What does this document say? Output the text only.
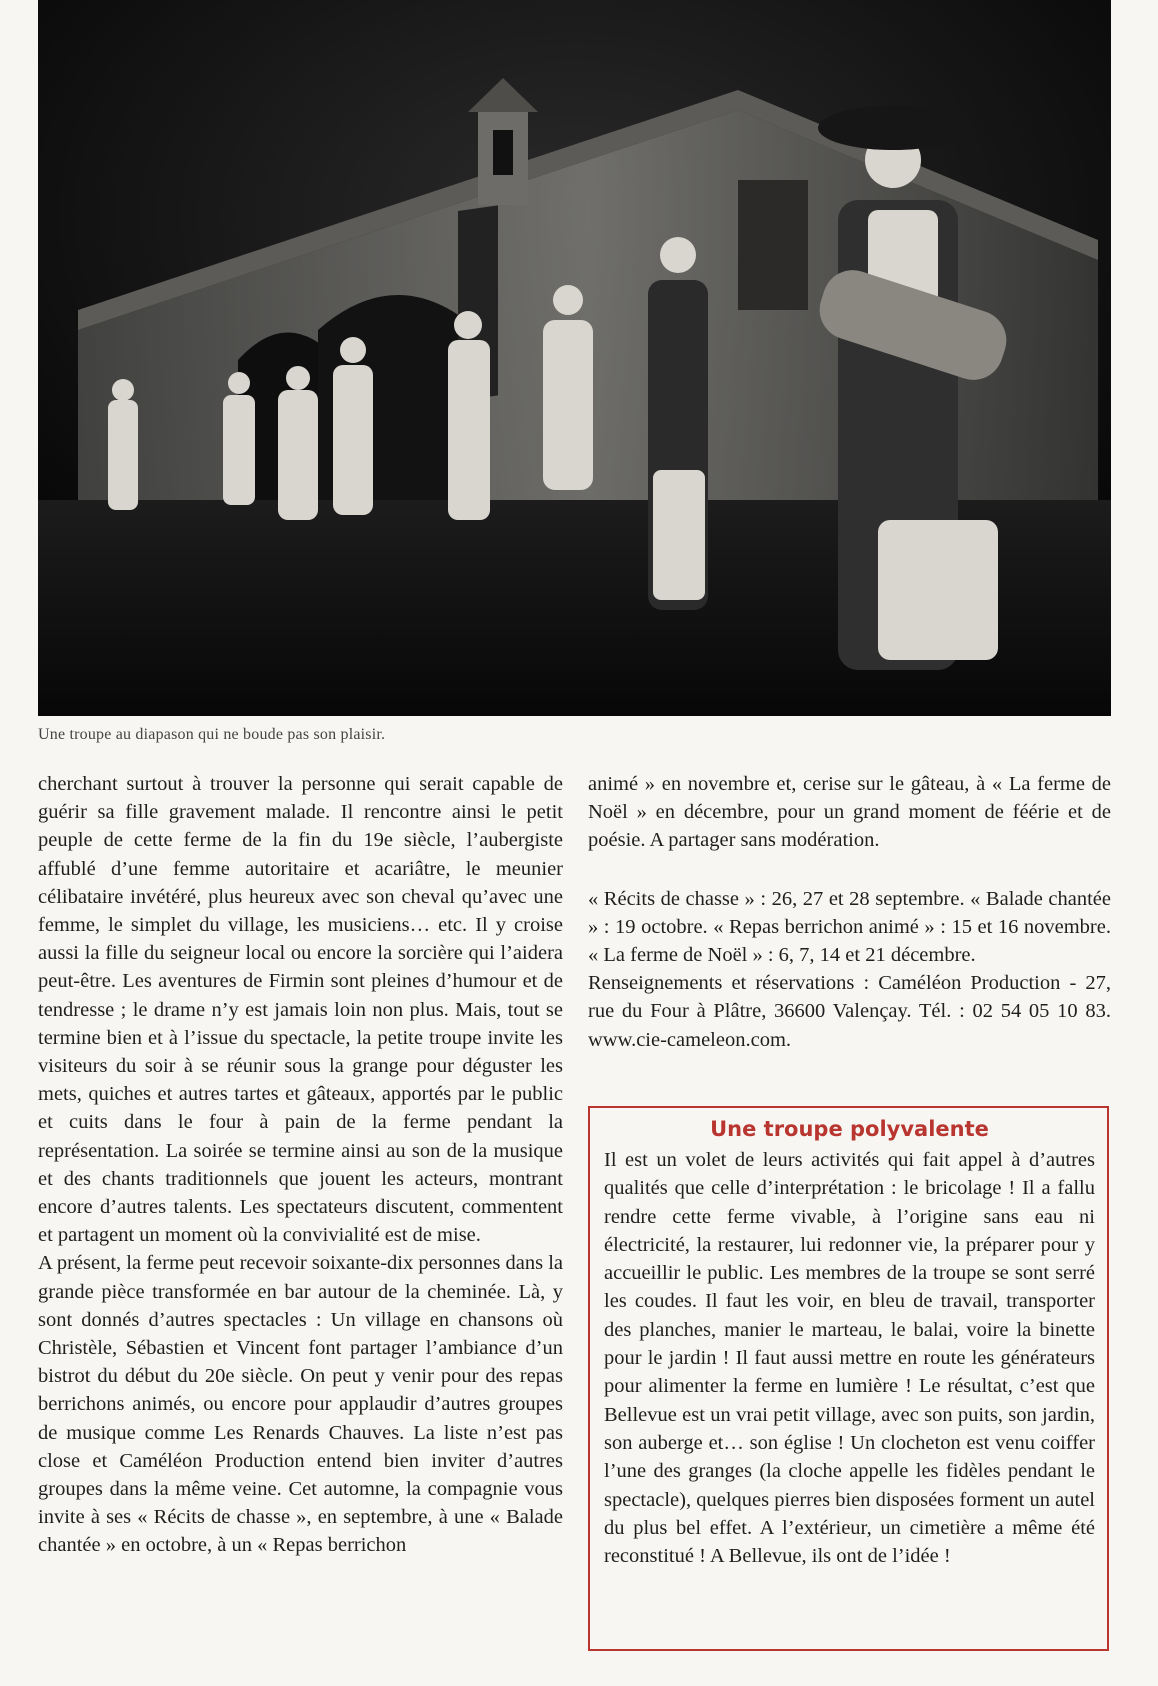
Une troupe au diapason qui ne boude pas son plaisir.

cherchant surtout à trouver la personne qui serait capable de guérir sa fille gravement malade. Il rencontre ainsi le petit peuple de cette ferme de la fin du 19e siècle, l’aubergiste affublé d’une femme autoritaire et acariâtre, le meunier célibataire invétéré, plus heureux avec son cheval qu’avec une femme, le simplet du village, les musiciens… etc. Il y croise aussi la fille du seigneur local ou encore la sorcière qui l’aidera peut-être. Les aventures de Firmin sont pleines d’humour et de tendresse ; le drame n’y est jamais loin non plus. Mais, tout se termine bien et à l’issue du spectacle, la petite troupe invite les visiteurs du soir à se réunir sous la grange pour déguster les mets, quiches et autres tartes et gâteaux, apportés par le public et cuits dans le four à pain de la ferme pendant la représentation. La soirée se termine ainsi au son de la musique et des chants traditionnels que jouent les acteurs, montrant encore d’autres talents. Les spectateurs discutent, commentent et partagent un moment où la convivialité est de mise.

A présent, la ferme peut recevoir soixante-dix personnes dans la grande pièce transformée en bar autour de la cheminée. Là, y sont donnés d’autres spectacles : Un village en chansons où Christèle, Sébastien et Vincent font partager l’ambiance d’un bistrot du début du 20e siècle. On peut y venir pour des repas berrichons animés, ou encore pour applaudir d’autres groupes de musique comme Les Renards Chauves. La liste n’est pas close et Caméléon Production entend bien inviter d’autres groupes dans la même veine. Cet automne, la compagnie vous invite à ses « Récits de chasse », en septembre, à une « Balade chantée » en octobre, à un « Repas berrichon

animé » en novembre et, cerise sur le gâteau, à « La ferme de Noël » en décembre, pour un grand moment de féérie et de poésie. A partager sans modération.

« Récits de chasse » : 26, 27 et 28 septembre. « Balade chantée » : 19 octobre. « Repas berrichon animé » : 15 et 16 novembre. « La ferme de Noël » : 6, 7, 14 et 21 décembre.

Renseignements et réservations : Caméléon Production - 27, rue du Four à Plâtre, 36600 Valençay. Tél. : 02 54 05 10 83. www.cie-cameleon.com.

Une troupe polyvalente

Il est un volet de leurs activités qui fait appel à d’autres qualités que celle d’interprétation : le bricolage ! Il a fallu rendre cette ferme vivable, à l’origine sans eau ni électricité, la restaurer, lui redonner vie, la préparer pour y accueillir le public. Les membres de la troupe se sont serré les coudes. Il faut les voir, en bleu de travail, transporter des planches, manier le marteau, le balai, voire la binette pour le jardin ! Il faut aussi mettre en route les générateurs pour alimenter la ferme en lumière ! Le résultat, c’est que Bellevue est un vrai petit village, avec son puits, son jardin, son auberge et… son église ! Un clocheton est venu coiffer l’une des granges (la cloche appelle les fidèles pendant le spectacle), quelques pierres bien disposées forment un autel du plus bel effet. A l’extérieur, un cimetière a même été reconstitué ! A Bellevue, ils ont de l’idée !
